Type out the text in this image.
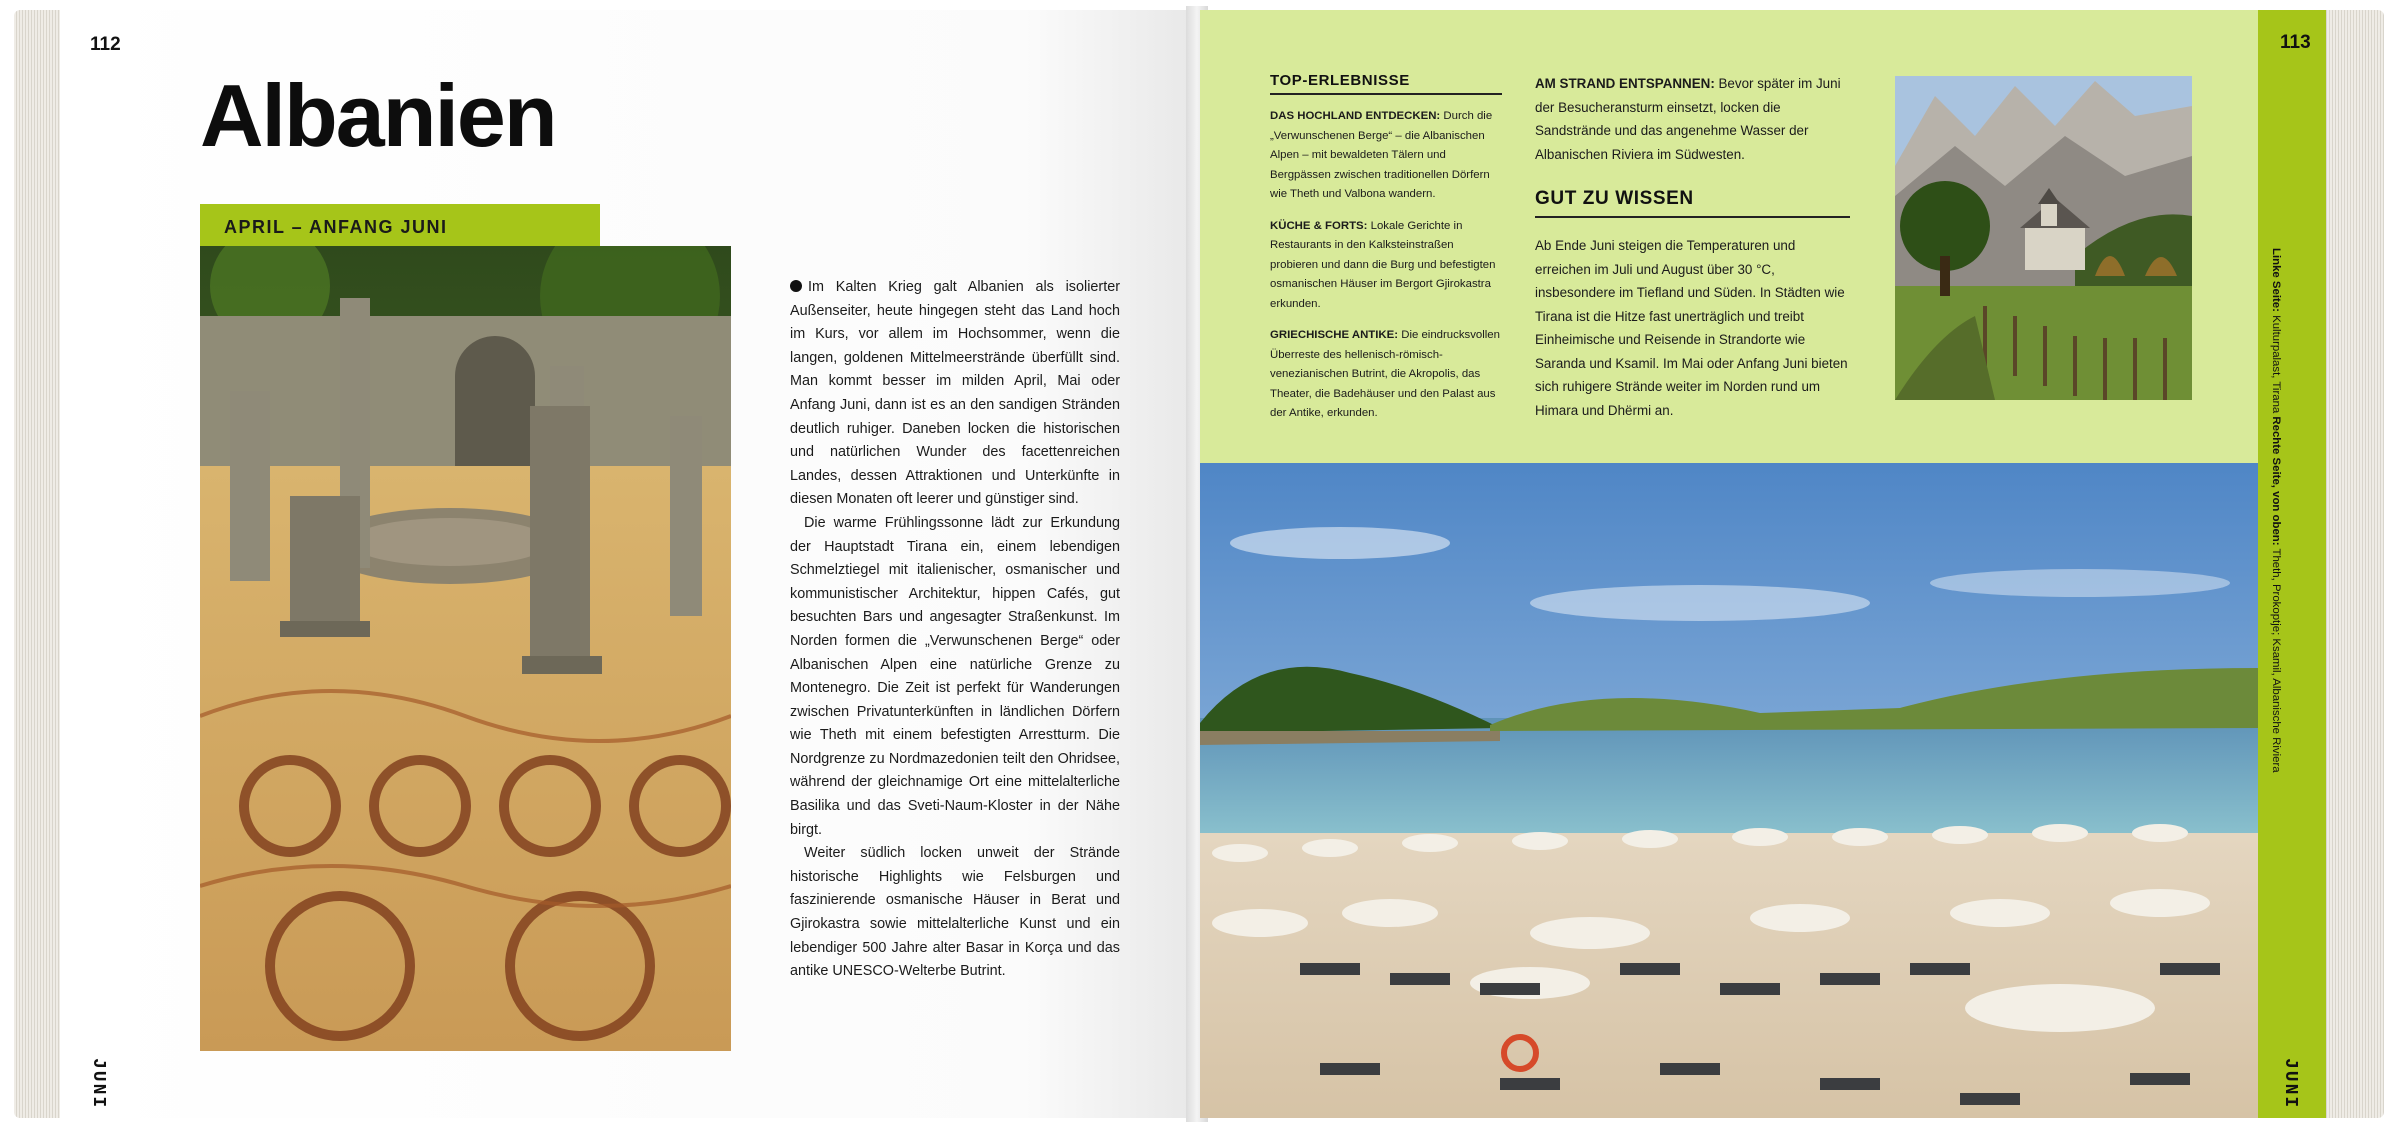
112
JUNI
Albanien
APRIL – ANFANG JUNI

Im Kalten Krieg galt Albanien als isolierter Außenseiter, heute hingegen steht das Land hoch im Kurs, vor allem im Hochsommer, wenn die langen, goldenen Mittelmeerstrände überfüllt sind. Man kommt besser im milden April, Mai oder Anfang Juni, dann ist es an den sandigen Stränden deutlich ruhiger. Daneben locken die historischen und natürlichen Wunder des facettenreichen Landes, dessen Attraktionen und Unterkünfte in diesen Monaten oft leerer und günstiger sind.

Die warme Frühlingssonne lädt zur Erkundung der Hauptstadt Tirana ein, einem lebendigen Schmelztiegel mit italienischer, osmanischer und kommunistischer Architektur, hippen Cafés, gut besuchten Bars und angesagter Straßenkunst. Im Norden formen die „Verwunschenen Berge“ oder Albanischen Alpen eine natürliche Grenze zu Montenegro. Die Zeit ist perfekt für Wanderungen zwischen Privatunterkünften in ländlichen Dörfern wie Theth mit einem befestigten Arrestturm. Die Nordgrenze zu Nordmazedonien teilt den Ohridsee, während der gleichnamige Ort eine mittelalterliche Basilika und das Sveti-Naum-Kloster in der Nähe birgt.

Weiter südlich locken unweit der Strände historische Highlights wie Felsburgen und faszinierende osmanische Häuser in Berat und Gjirokastra sowie mittelalterliche Kunst und ein lebendiger 500 Jahre alter Basar in Korça und das antike UNESCO-Welterbe Butrint.

TOP-ERLEBNISSE

DAS HOCHLAND ENTDECKEN: Durch die „Verwunschenen Berge“ – die Albanischen Alpen – mit bewaldeten Tälern und Bergpässen zwischen traditionellen Dörfern wie Theth und Valbona wandern.

KÜCHE & FORTS: Lokale Gerichte in Restaurants in den Kalksteinstraßen probieren und dann die Burg und befestigten osmanischen Häuser im Bergort Gjirokastra erkunden.

GRIECHISCHE ANTIKE: Die eindrucksvollen Überreste des hellenisch-römisch-venezianischen Butrint, die Akropolis, das Theater, die Badehäuser und den Palast aus der Antike, erkunden.

AM STRAND ENTSPANNEN: Bevor später im Juni der Besucheransturm einsetzt, locken die Sandstrände und das angenehme Wasser der Albanischen Riviera im Südwesten.

GUT ZU WISSEN

Ab Ende Juni steigen die Temperaturen und erreichen im Juli und August über 30 °C, insbesondere im Tiefland und Süden. In Städten wie Tirana ist die Hitze fast unerträglich und treibt Einheimische und Reisende in Strandorte wie Saranda und Ksamil. Im Mai oder Anfang Juni bieten sich ruhigere Strände weiter im Norden rund um Himara und Dhërmi an.

113
JUNI
Linke Seite: Kulturpalast, Tirana Rechte Seite, von oben: Theth, Prokoptje; Ksamil, Albanische Riviera
